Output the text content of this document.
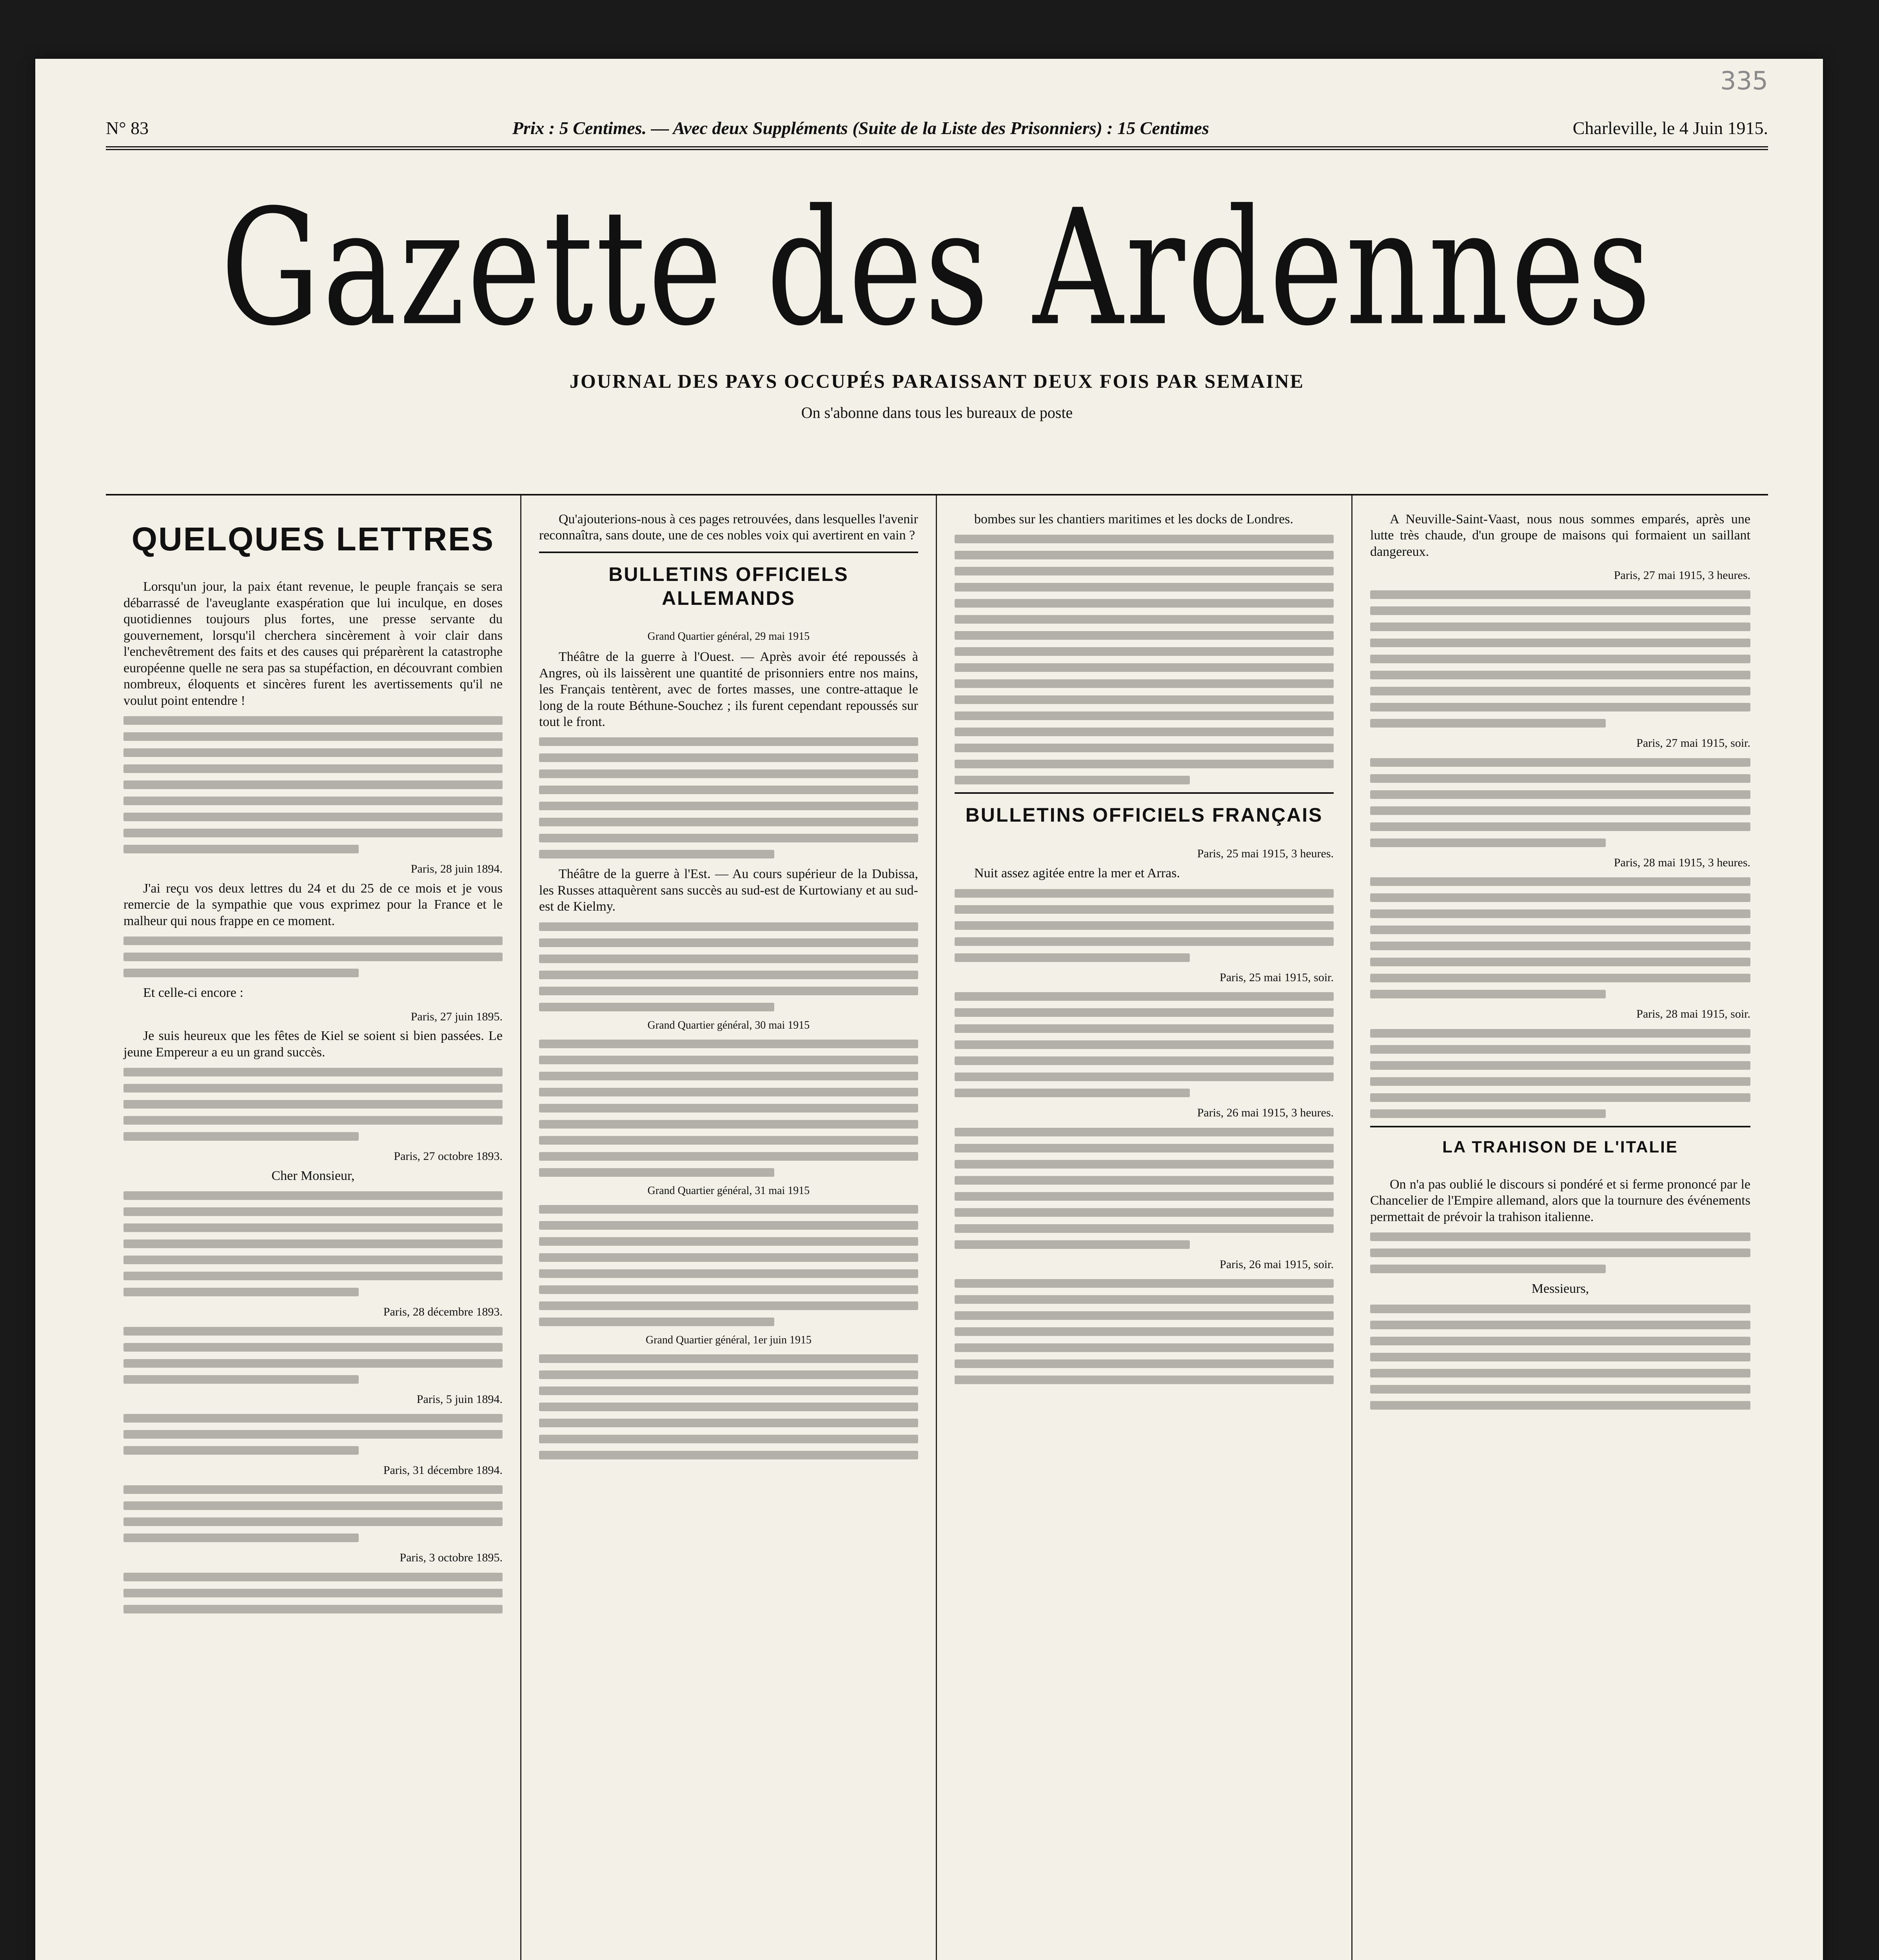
335
N° 83	Prix : 5 Centimes. — Avec deux Suppléments (Suite de la Liste des Prisonniers) : 15 Centimes	Charleville, le 4 Juin 1915.
Gazette des Ardennes
JOURNAL DES PAYS OCCUPÉS PARAISSANT DEUX FOIS PAR SEMAINE
On s'abonne dans tous les bureaux de poste
QUELQUES LETTRES

Lorsqu'un jour, la paix étant revenue, le peuple français se sera débarrassé de l'aveuglante exaspération que lui inculque, en doses quotidiennes toujours plus fortes, une presse servante du gouvernement, lorsqu'il cherchera sincèrement à voir clair dans l'enchevêtrement des faits et des causes qui préparèrent la catastrophe européenne quelle ne sera pas sa stupéfaction, en découvrant combien nombreux, éloquents et sincères furent les avertissements qu'il ne voulut point entendre !

Paris, 28 juin 1894.

J'ai reçu vos deux lettres du 24 et du 25 de ce mois et je vous remercie de la sympathie que vous exprimez pour la France et le malheur qui nous frappe en ce moment.

Et celle-ci encore :

Paris, 27 juin 1895.

Je suis heureux que les fêtes de Kiel se soient si bien passées. Le jeune Empereur a eu un grand succès.

Paris, 27 octobre 1893.

Cher Monsieur,

Paris, 28 décembre 1893.
Paris, 5 juin 1894.
Paris, 31 décembre 1894.
Paris, 3 octobre 1895.

Qu'ajouterions-nous à ces pages retrouvées, dans lesquelles l'avenir reconnaîtra, sans doute, une de ces nobles voix qui avertirent en vain ?

BULLETINS OFFICIELS ALLEMANDS
Grand Quartier général, 29 mai 1915

Théâtre de la guerre à l'Ouest. — Après avoir été repoussés à Angres, où ils laissèrent une quantité de prisonniers entre nos mains, les Français tentèrent, avec de fortes masses, une contre-attaque le long de la route Béthune-Souchez ; ils furent cependant repoussés sur tout le front.

Théâtre de la guerre à l'Est. — Au cours supérieur de la Dubissa, les Russes attaquèrent sans succès au sud-est de Kurtowiany et au sud-est de Kielmy.

Grand Quartier général, 30 mai 1915
Grand Quartier général, 31 mai 1915
Grand Quartier général, 1er juin 1915

bombes sur les chantiers maritimes et les docks de Londres.

BULLETINS OFFICIELS FRANÇAIS
Paris, 25 mai 1915, 3 heures.

Nuit assez agitée entre la mer et Arras.

Paris, 25 mai 1915, soir.
Paris, 26 mai 1915, 3 heures.
Paris, 26 mai 1915, soir.

A Neuville-Saint-Vaast, nous nous sommes emparés, après une lutte très chaude, d'un groupe de maisons qui formaient un saillant dangereux.

Paris, 27 mai 1915, 3 heures.
Paris, 27 mai 1915, soir.
Paris, 28 mai 1915, 3 heures.
Paris, 28 mai 1915, soir.
LA TRAHISON DE L'ITALIE

On n'a pas oublié le discours si pondéré et si ferme prononcé par le Chancelier de l'Empire allemand, alors que la tournure des événements permettait de prévoir la trahison italienne.

Messieurs,
